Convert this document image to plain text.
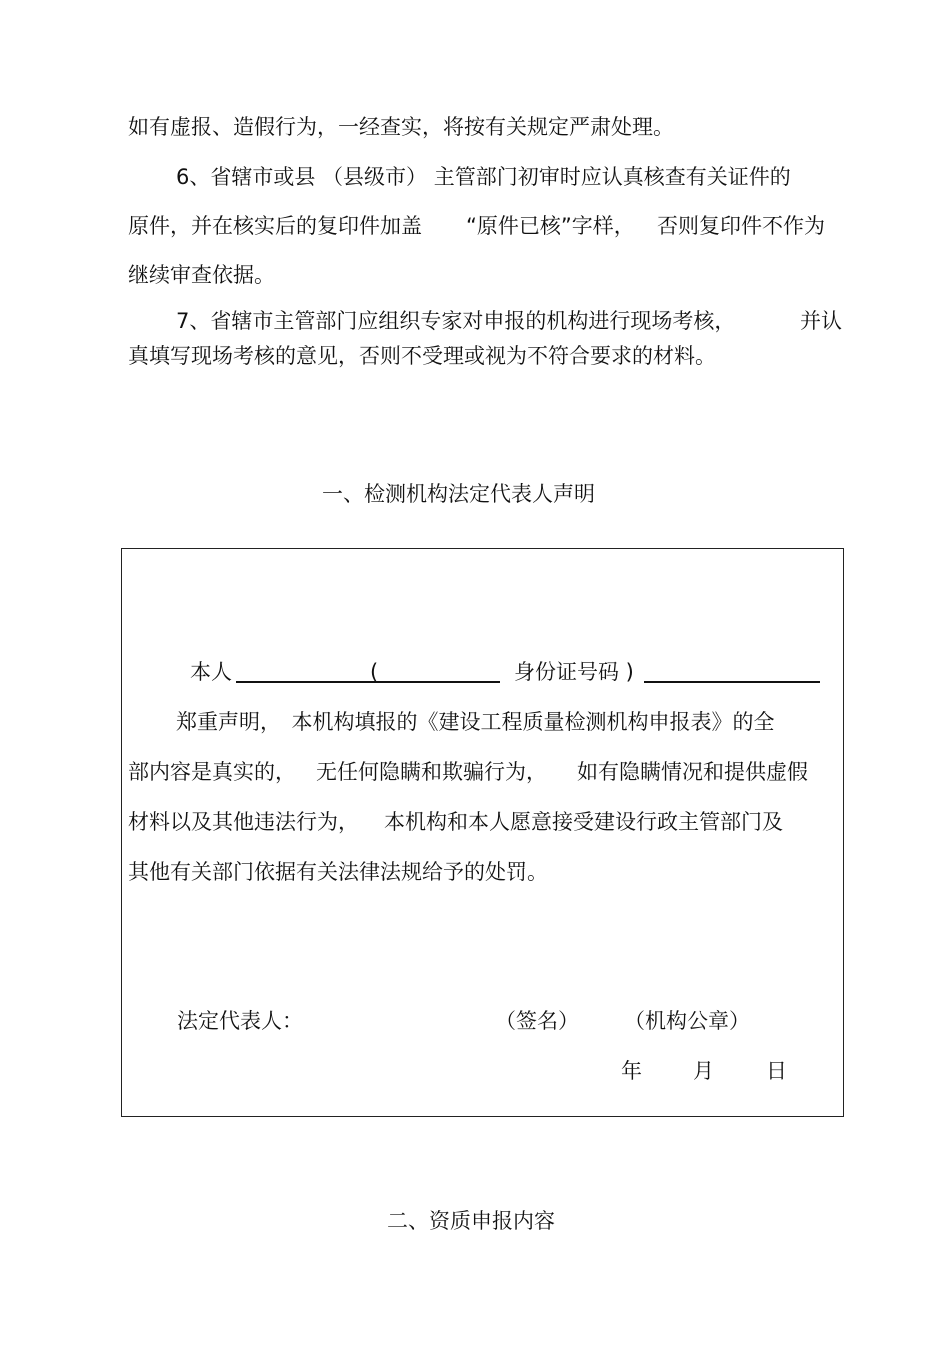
如有虚报、造假行为，一经查实，将按有关规定严肃处理。
6、省辖市或县 （县级市） 主管部门初审时应认真核查有关证件的
原件，并在核实后的复印件加盖 “原件已核”字样， 否则复印件不作为
继续审查依据。
7、省辖市主管部门应组织专家对申报的机构进行现场考核，	并认
真填写现场考核的意见，否则不受理或视为不符合要求的材料。
一、检测机构法定代表人声明
本人	(	身份证号码 )
郑重声明，　本机构填报的《建设工程质量检测机构申报表》的全
部内容是真实的， 无任何隐瞒和欺骗行为， 如有隐瞒情况和提供虚假
材料以及其他违法行为， 本机构和本人愿意接受建设行政主管部门及
其他有关部门依据有关法律法规给予的处罚。
法定代表人：	（签名） （机构公章）
年 月 日
二、资质申报内容
